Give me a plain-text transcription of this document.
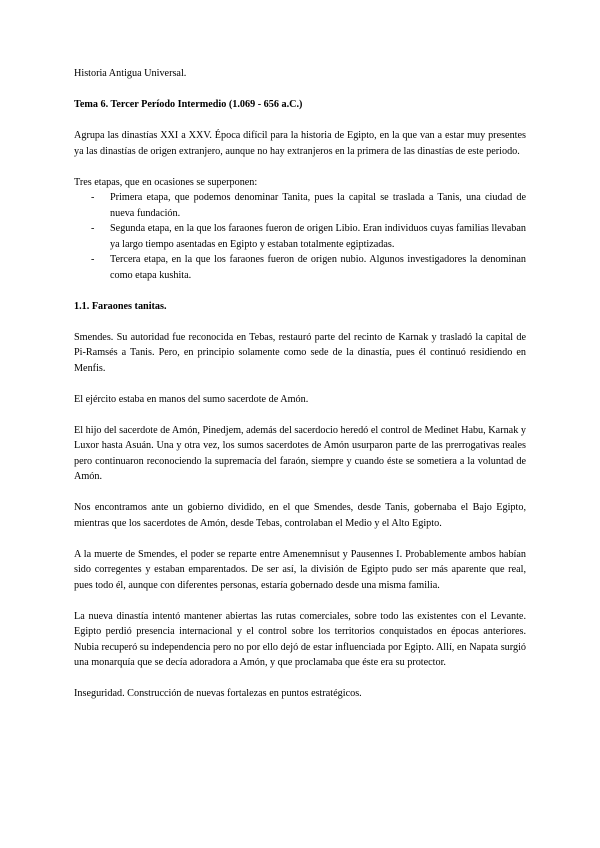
Historia Antigua Universal.

Tema 6. Tercer Período Intermedio (1.069 - 656 a.C.)

Agrupa las dinastías XXI a XXV. Época difícil para la historia de Egipto, en la que van a estar muy presentes ya las dinastías de origen extranjero, aunque no hay extranjeros en la primera de las dinastías de este periodo.

Tres etapas, que en ocasiones se superponen:

- Primera etapa, que podemos denominar Tanita, pues la capital se traslada a Tanis, una ciudad de nueva fundación.
- Segunda etapa, en la que los faraones fueron de origen Libio. Eran individuos cuyas familias llevaban ya largo tiempo asentadas en Egipto y estaban totalmente egiptizadas.
- Tercera etapa, en la que los faraones fueron de origen nubio. Algunos investigadores la denominan como etapa kushita.

1.1. Faraones tanitas.

Smendes. Su autoridad fue reconocida en Tebas, restauró parte del recinto de Karnak y trasladó la capital de Pi-Ramsés a Tanis. Pero, en principio solamente como sede de la dinastía, pues él continuó residiendo en Menfis.

El ejército estaba en manos del sumo sacerdote de Amón.

El hijo del sacerdote de Amón, Pinedjem, además del sacerdocio heredó el control de Medinet Habu, Karnak y Luxor hasta Asuán. Una y otra vez, los sumos sacerdotes de Amón usurparon parte de las prerrogativas reales pero continuaron reconociendo la supremacía del faraón, siempre y cuando éste se sometiera a la voluntad de Amón.

Nos encontramos ante un gobierno dividido, en el que Smendes, desde Tanis, gobernaba el Bajo Egipto, mientras que los sacerdotes de Amón, desde Tebas, controlaban el Medio y el Alto Egipto.

A la muerte de Smendes, el poder se reparte entre Amenemnisut y Pausennes I. Probablemente ambos habían sido corregentes y estaban emparentados. De ser así, la división de Egipto pudo ser más aparente que real, pues todo él, aunque con diferentes personas, estaría gobernado desde una misma familia.

La nueva dinastía intentó mantener abiertas las rutas comerciales, sobre todo las existentes con el Levante. Egipto perdió presencia internacional y el control sobre los territorios conquistados en épocas anteriores. Nubia recuperó su independencia pero no por ello dejó de estar influenciada por Egipto. Allí, en Napata surgió una monarquía que se decía adoradora a Amón, y que proclamaba que éste era su protector.

Inseguridad. Construcción de nuevas fortalezas en puntos estratégicos.
